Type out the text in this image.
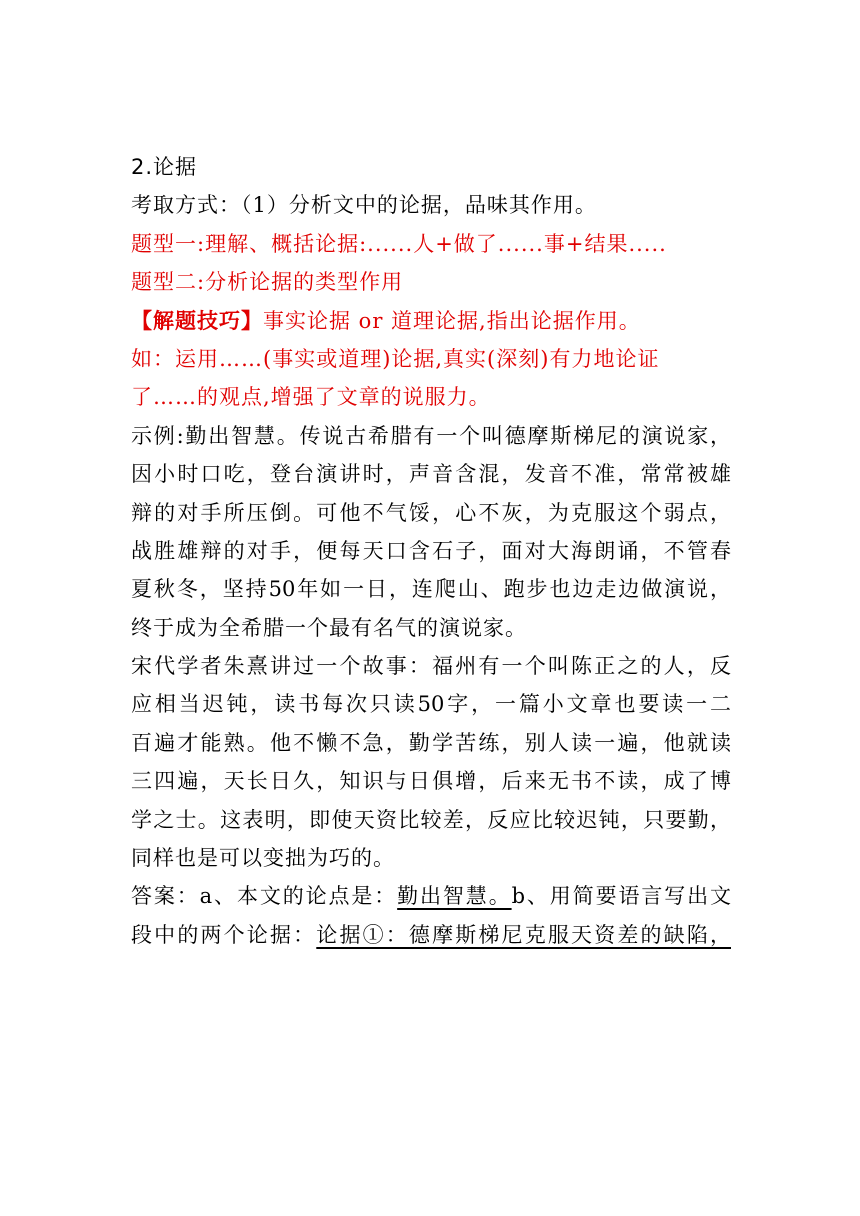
2.论据
考取方式：（1）分析文中的论据，品味其作用。
题型一:理解、概括论据:......人+做了......事+结果.....
题型二:分析论据的类型作用
【解题技巧】事实论据 or 道理论据,指出论据作用。
如：运用……(事实或道理)论据,真实(深刻)有力地论证
了……的观点,增强了文章的说服力。
示例:勤出智慧。传说古希腊有一个叫德摩斯梯尼的演说家，
因小时口吃，登台演讲时，声音含混，发音不准，常常被雄
辩的对手所压倒。可他不气馁，心不灰，为克服这个弱点，
战胜雄辩的对手，便每天口含石子，面对大海朗诵，不管春
夏秋冬，坚持50年如一日，连爬山、跑步也边走边做演说，
终于成为全希腊一个最有名气的演说家。
宋代学者朱熹讲过一个故事：福州有一个叫陈正之的人，反
应相当迟钝，读书每次只读50字，一篇小文章也要读一二
百遍才能熟。他不懒不急，勤学苦练，别人读一遍，他就读
三四遍，天长日久，知识与日俱增，后来无书不读，成了博
学之士。这表明，即使天资比较差，反应比较迟钝，只要勤，
同样也是可以变拙为巧的。
答案：a、本文的论点是：勤出智慧。b、用简要语言写出文
段中的两个论据：论据①：德摩斯梯尼克服天资差的缺陷，
